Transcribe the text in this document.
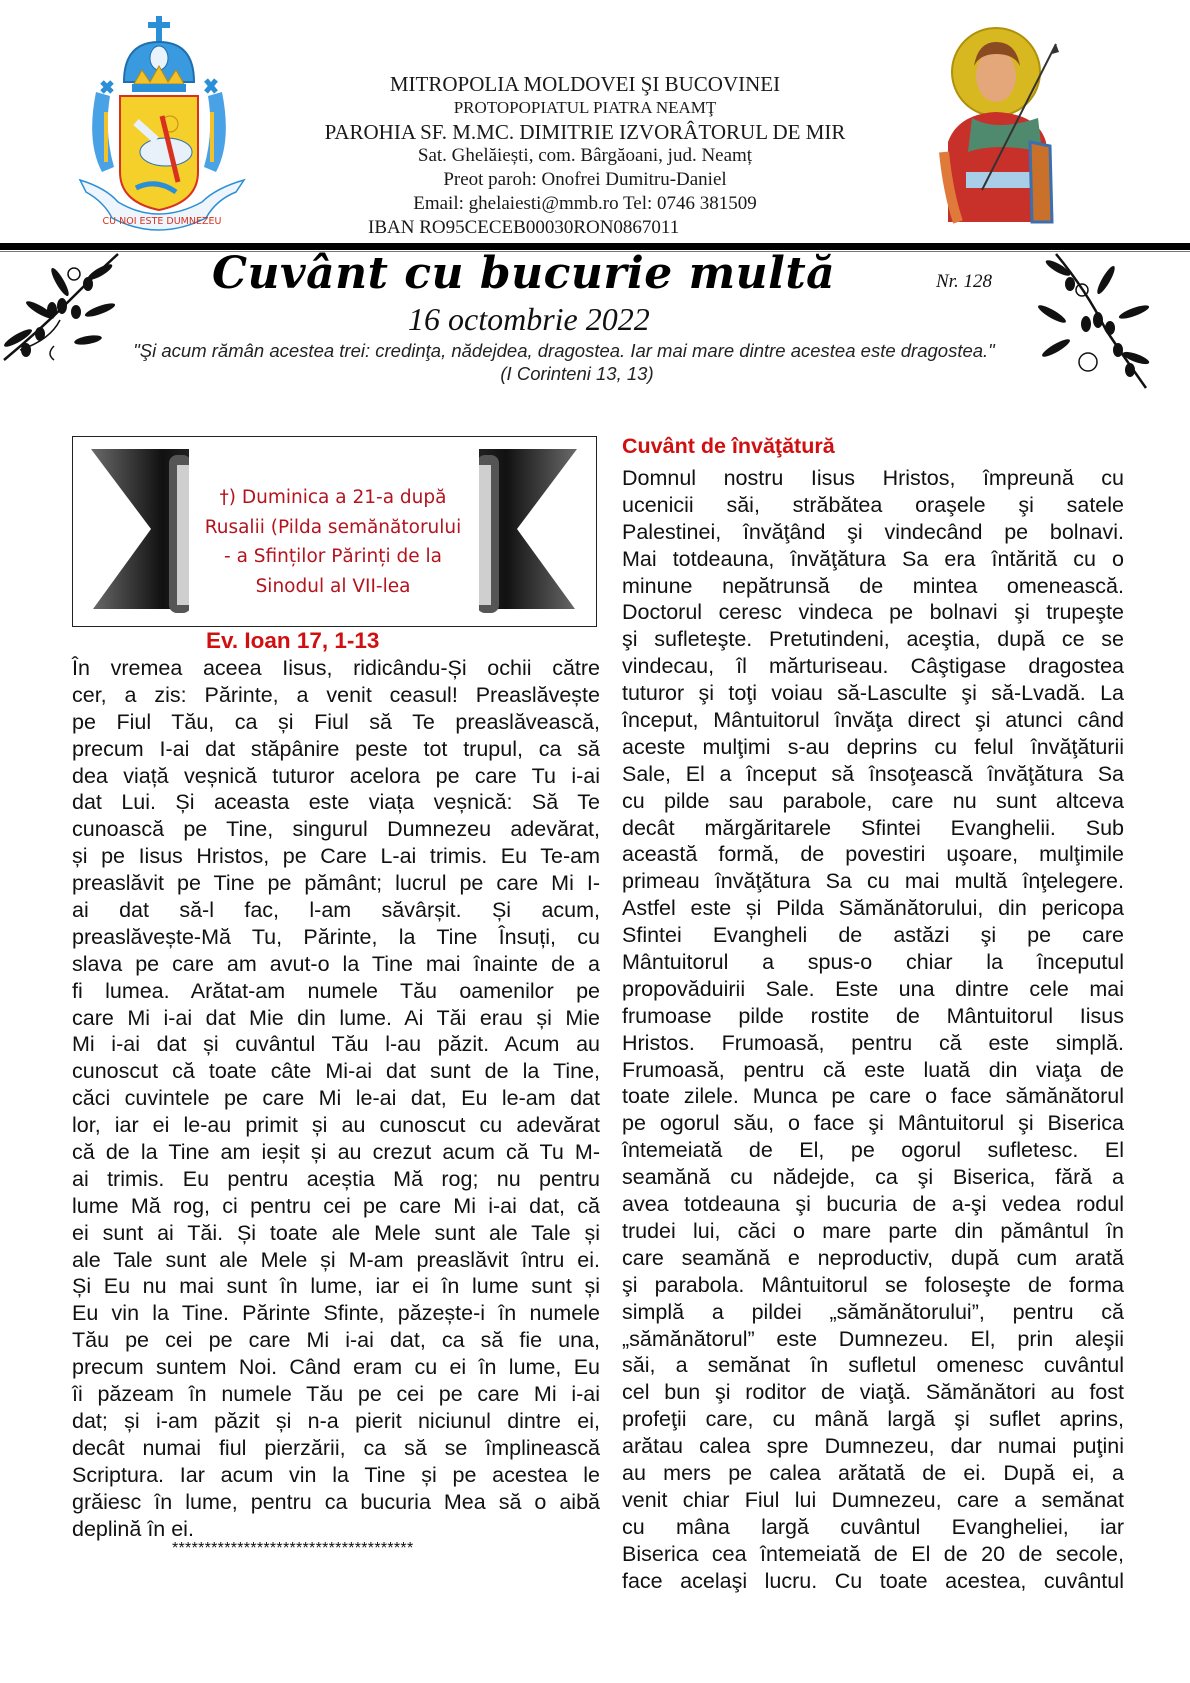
CU NOI ESTE DUMNEZEU
MITROPOLIA MOLDOVEI ŞI BUCOVINEI
PROTOPOPIATUL PIATRA NEAMŢ
PAROHIA SF. M.MC. DIMITRIE IZVORÂTORUL DE MIR
Sat. Ghelăiești, com. Bârgăoani, jud. Neamț
Preot paroh: Onofrei Dumitru-Daniel
Email: ghelaiesti@mmb.ro Tel: 0746 381509
IBAN RO95CECEB00030RON0867011
Cuvânt cu bucurie multă	Nr. 128
16 octombrie 2022
"Şi acum rămân acestea trei: credinţa, nădejdea, dragostea. Iar mai mare dintre acestea este dragostea."(I Corinteni 13, 13)
†) Duminica a 21-a după
Rusalii (Pilda semănătorului
- a Sfinților Părinți de la
Sinodul al VII-lea
Ev. Ioan 17, 1-13
În vremea aceea Iisus, ridicându-Și ochii către
cer, a zis: Părinte, a venit ceasul! Preaslăvește
pe Fiul Tău, ca și Fiul să Te preaslăvească,
precum I-ai dat stăpânire peste tot trupul, ca să
dea viață veșnică tuturor acelora pe care Tu i-ai
dat Lui. Și aceasta este viața veșnică: Să Te
cunoască pe Tine, singurul Dumnezeu adevărat,
și pe Iisus Hristos, pe Care L-ai trimis. Eu Te-am
preaslăvit pe Tine pe pământ; lucrul pe care Mi I-
ai dat să-l fac, l-am săvârșit. Și acum,
preaslăvește-Mă Tu, Părinte, la Tine Însuți, cu
slava pe care am avut-o la Tine mai înainte de a
fi lumea. Arătat-am numele Tău oamenilor pe
care Mi i-ai dat Mie din lume. Ai Tăi erau și Mie
Mi i-ai dat și cuvântul Tău l-au păzit. Acum au
cunoscut că toate câte Mi-ai dat sunt de la Tine,
căci cuvintele pe care Mi le-ai dat, Eu le-am dat
lor, iar ei le-au primit și au cunoscut cu adevărat
că de la Tine am ieșit și au crezut acum că Tu M-
ai trimis. Eu pentru aceștia Mă rog; nu pentru
lume Mă rog, ci pentru cei pe care Mi i-ai dat, că
ei sunt ai Tăi. Și toate ale Mele sunt ale Tale și
ale Tale sunt ale Mele și M-am preaslăvit întru ei.
Și Eu nu mai sunt în lume, iar ei în lume sunt și
Eu vin la Tine. Părinte Sfinte, păzește-i în numele
Tău pe cei pe care Mi i-ai dat, ca să fie una,
precum suntem Noi. Când eram cu ei în lume, Eu
îi păzeam în numele Tău pe cei pe care Mi i-ai
dat; și i-am păzit și n-a pierit niciunul dintre ei,
decât numai fiul pierzării, ca să se împlinească
Scriptura. Iar acum vin la Tine și pe acestea le
grăiesc în lume, pentru ca bucuria Mea să o aibă
deplină în ei.
*************************************
Cuvânt de învăţătură
Domnul nostru Iisus Hristos, împreună cu
ucenicii săi, străbătea oraşele şi satele
Palestinei, învăţând şi vindecând pe bolnavi.
Mai totdeauna, învăţătura Sa era întărită cu o
minune nepătrunsă de mintea omenească.
Doctorul ceresc vindeca pe bolnavi şi trupeşte
şi sufleteşte. Pretutindeni, aceştia, după ce se
vindecau, îl mărturiseau. Câştigase dragostea
tuturor şi toţi voiau să-Lasculte şi să-Lvadă. La
început, Mântuitorul învăţa direct şi atunci când
aceste mulţimi s-au deprins cu felul învăţăturii
Sale, El a început să însoţească învăţătura Sa
cu pilde sau parabole, care nu sunt altceva
decât mărgăritarele Sfintei Evanghelii. Sub
această formă, de povestiri uşoare, mulţimile
primeau învăţătura Sa cu mai multă înţelegere.
Astfel este și Pilda Sămănătorului, din pericopa
Sfintei Evangheli de astăzi şi pe care
Mântuitorul a spus-o chiar la începutul
propovăduirii Sale. Este una dintre cele mai
frumoase pilde rostite de Mântuitorul Iisus
Hristos. Frumoasă, pentru că este simplă.
Frumoasă, pentru că este luată din viaţa de
toate zilele. Munca pe care o face sămănătorul
pe ogorul său, o face şi Mântuitorul şi Biserica
întemeiată de El, pe ogorul sufletesc. El
seamănă cu nădejde, ca şi Biserica, fără a
avea totdeauna şi bucuria de a-şi vedea rodul
trudei lui, căci o mare parte din pământul în
care seamănă e neproductiv, după cum arată
şi parabola. Mântuitorul se foloseşte de forma
simplă a pildei „sămănătorului”, pentru că
„sămănătorul” este Dumnezeu. El, prin aleşii
săi, a semănat în sufletul omenesc cuvântul
cel bun şi roditor de viaţă. Sămănători au fost
profeţii care, cu mână largă şi suflet aprins,
arătau calea spre Dumnezeu, dar numai puţini
au mers pe calea arătată de ei. După ei, a
venit chiar Fiul lui Dumnezeu, care a semănat
cu mâna largă cuvântul Evangheliei, iar
Biserica cea întemeiată de El de 20 de secole,
face acelaşi lucru. Cu toate acestea, cuvântul
